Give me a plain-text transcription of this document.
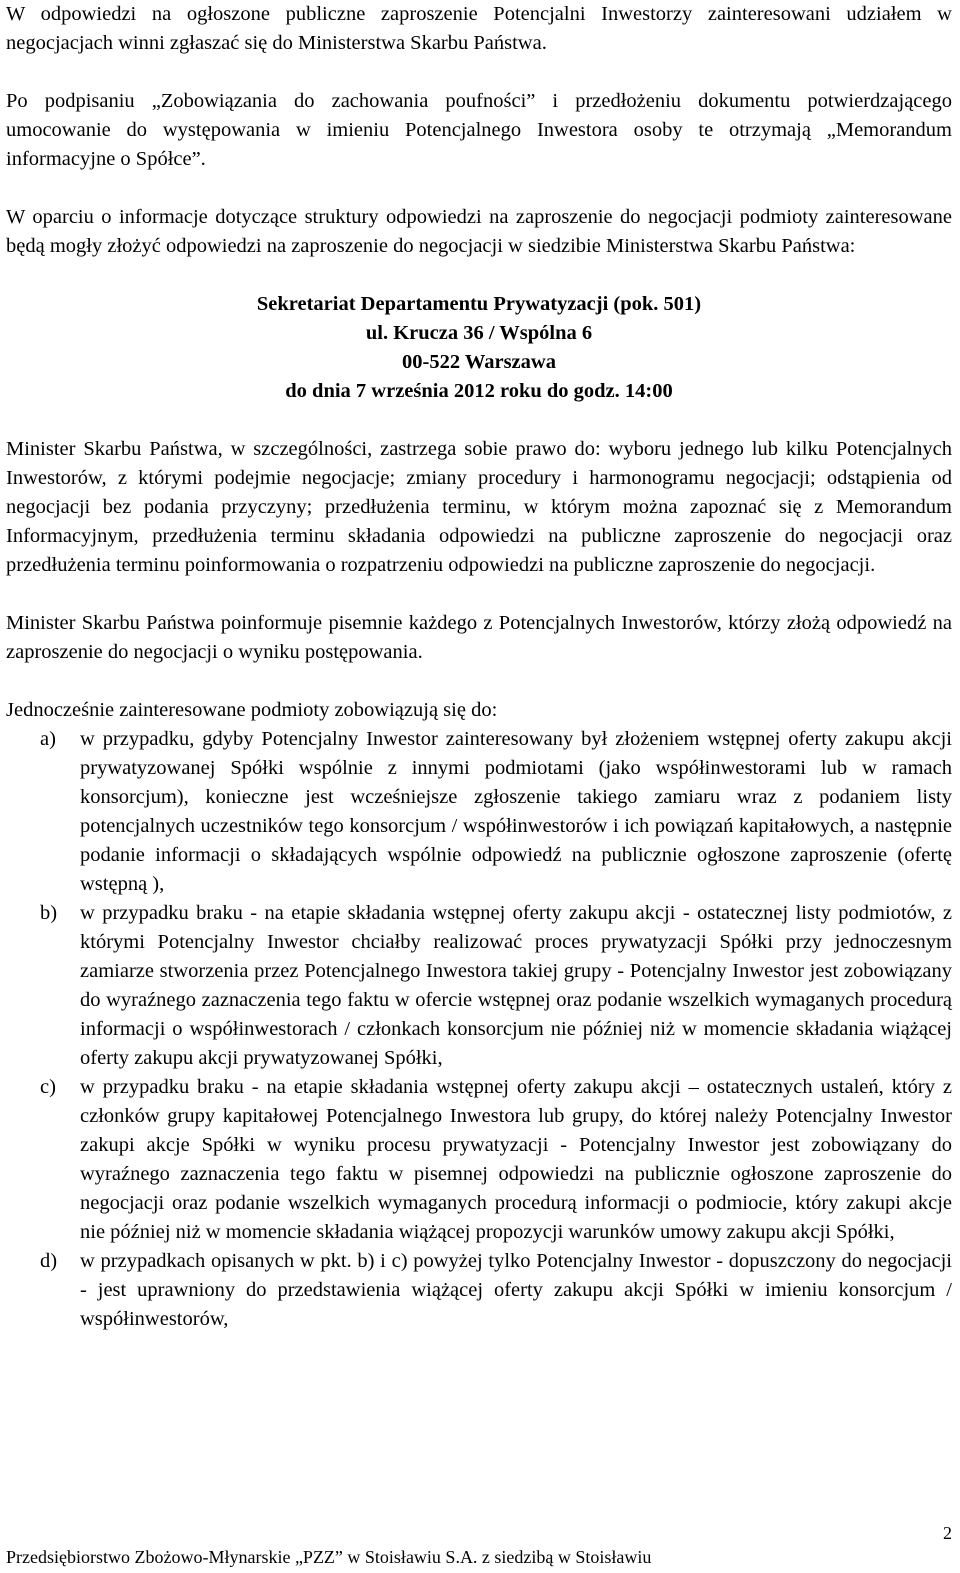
W odpowiedzi na ogłoszone publiczne zaproszenie Potencjalni Inwestorzy zainteresowani udziałem w negocjacjach winni zgłaszać się do Ministerstwa Skarbu Państwa.

Po podpisaniu „Zobowiązania do zachowania poufności” i przedłożeniu dokumentu potwierdzającego umocowanie do występowania w imieniu Potencjalnego Inwestora osoby te otrzymają „Memorandum informacyjne o Spółce”.

W oparciu o informacje dotyczące struktury odpowiedzi na zaproszenie do negocjacji podmioty zainteresowane będą mogły złożyć odpowiedzi na zaproszenie do negocjacji w siedzibie Ministerstwa Skarbu Państwa:

Sekretariat Departamentu Prywatyzacji (pok. 501)
ul. Krucza 36 / Wspólna 6
00-522 Warszawa
do dnia 7 września 2012 roku do godz. 14:00

Minister Skarbu Państwa, w szczególności, zastrzega sobie prawo do: wyboru jednego lub kilku Potencjalnych Inwestorów, z którymi podejmie negocjacje; zmiany procedury i harmonogramu negocjacji; odstąpienia od negocjacji bez podania przyczyny; przedłużenia terminu, w którym można zapoznać się z Memorandum Informacyjnym, przedłużenia terminu składania odpowiedzi na publiczne zaproszenie do negocjacji oraz przedłużenia terminu poinformowania o rozpatrzeniu odpowiedzi na publiczne zaproszenie do negocjacji.

Minister Skarbu Państwa poinformuje pisemnie każdego z Potencjalnych Inwestorów, którzy złożą odpowiedź na zaproszenie do negocjacji o wyniku postępowania.

Jednocześnie zainteresowane podmioty zobowiązują się do:

a) w przypadku, gdyby Potencjalny Inwestor zainteresowany był złożeniem wstępnej oferty zakupu akcji prywatyzowanej Spółki wspólnie z innymi podmiotami (jako współinwestorami lub w ramach konsorcjum), konieczne jest wcześniejsze zgłoszenie takiego zamiaru wraz z podaniem listy potencjalnych uczestników tego konsorcjum / współinwestorów i ich powiązań kapitałowych, a następnie podanie informacji o składających wspólnie odpowiedź na publicznie ogłoszone zaproszenie (ofertę wstępną ),
b) w przypadku braku - na etapie składania wstępnej oferty zakupu akcji - ostatecznej listy podmiotów, z którymi Potencjalny Inwestor chciałby realizować proces prywatyzacji Spółki przy jednoczesnym zamiarze stworzenia przez Potencjalnego Inwestora takiej grupy - Potencjalny Inwestor jest zobowiązany do wyraźnego zaznaczenia tego faktu w ofercie wstępnej oraz podanie wszelkich wymaganych procedurą informacji o współinwestorach / członkach konsorcjum nie później niż w momencie składania wiążącej oferty zakupu akcji prywatyzowanej Spółki,
c) w przypadku braku - na etapie składania wstępnej oferty zakupu akcji – ostatecznych ustaleń, który z członków grupy kapitałowej Potencjalnego Inwestora lub grupy, do której należy Potencjalny Inwestor zakupi akcje Spółki w wyniku procesu prywatyzacji - Potencjalny Inwestor jest zobowiązany do wyraźnego zaznaczenia tego faktu w pisemnej odpowiedzi na publicznie ogłoszone zaproszenie do negocjacji oraz podanie wszelkich wymaganych procedurą informacji o podmiocie, który zakupi akcje nie później niż w momencie składania wiążącej propozycji warunków umowy zakupu akcji Spółki,
d) w przypadkach opisanych w pkt. b) i c) powyżej tylko Potencjalny Inwestor - dopuszczony do negocjacji - jest uprawniony do przedstawienia wiążącej oferty zakupu akcji Spółki w imieniu konsorcjum / współinwestorów,
2
Przedsiębiorstwo Zbożowo-Młynarskie „PZZ” w Stoisławiu S.A. z siedzibą w Stoisławiu
